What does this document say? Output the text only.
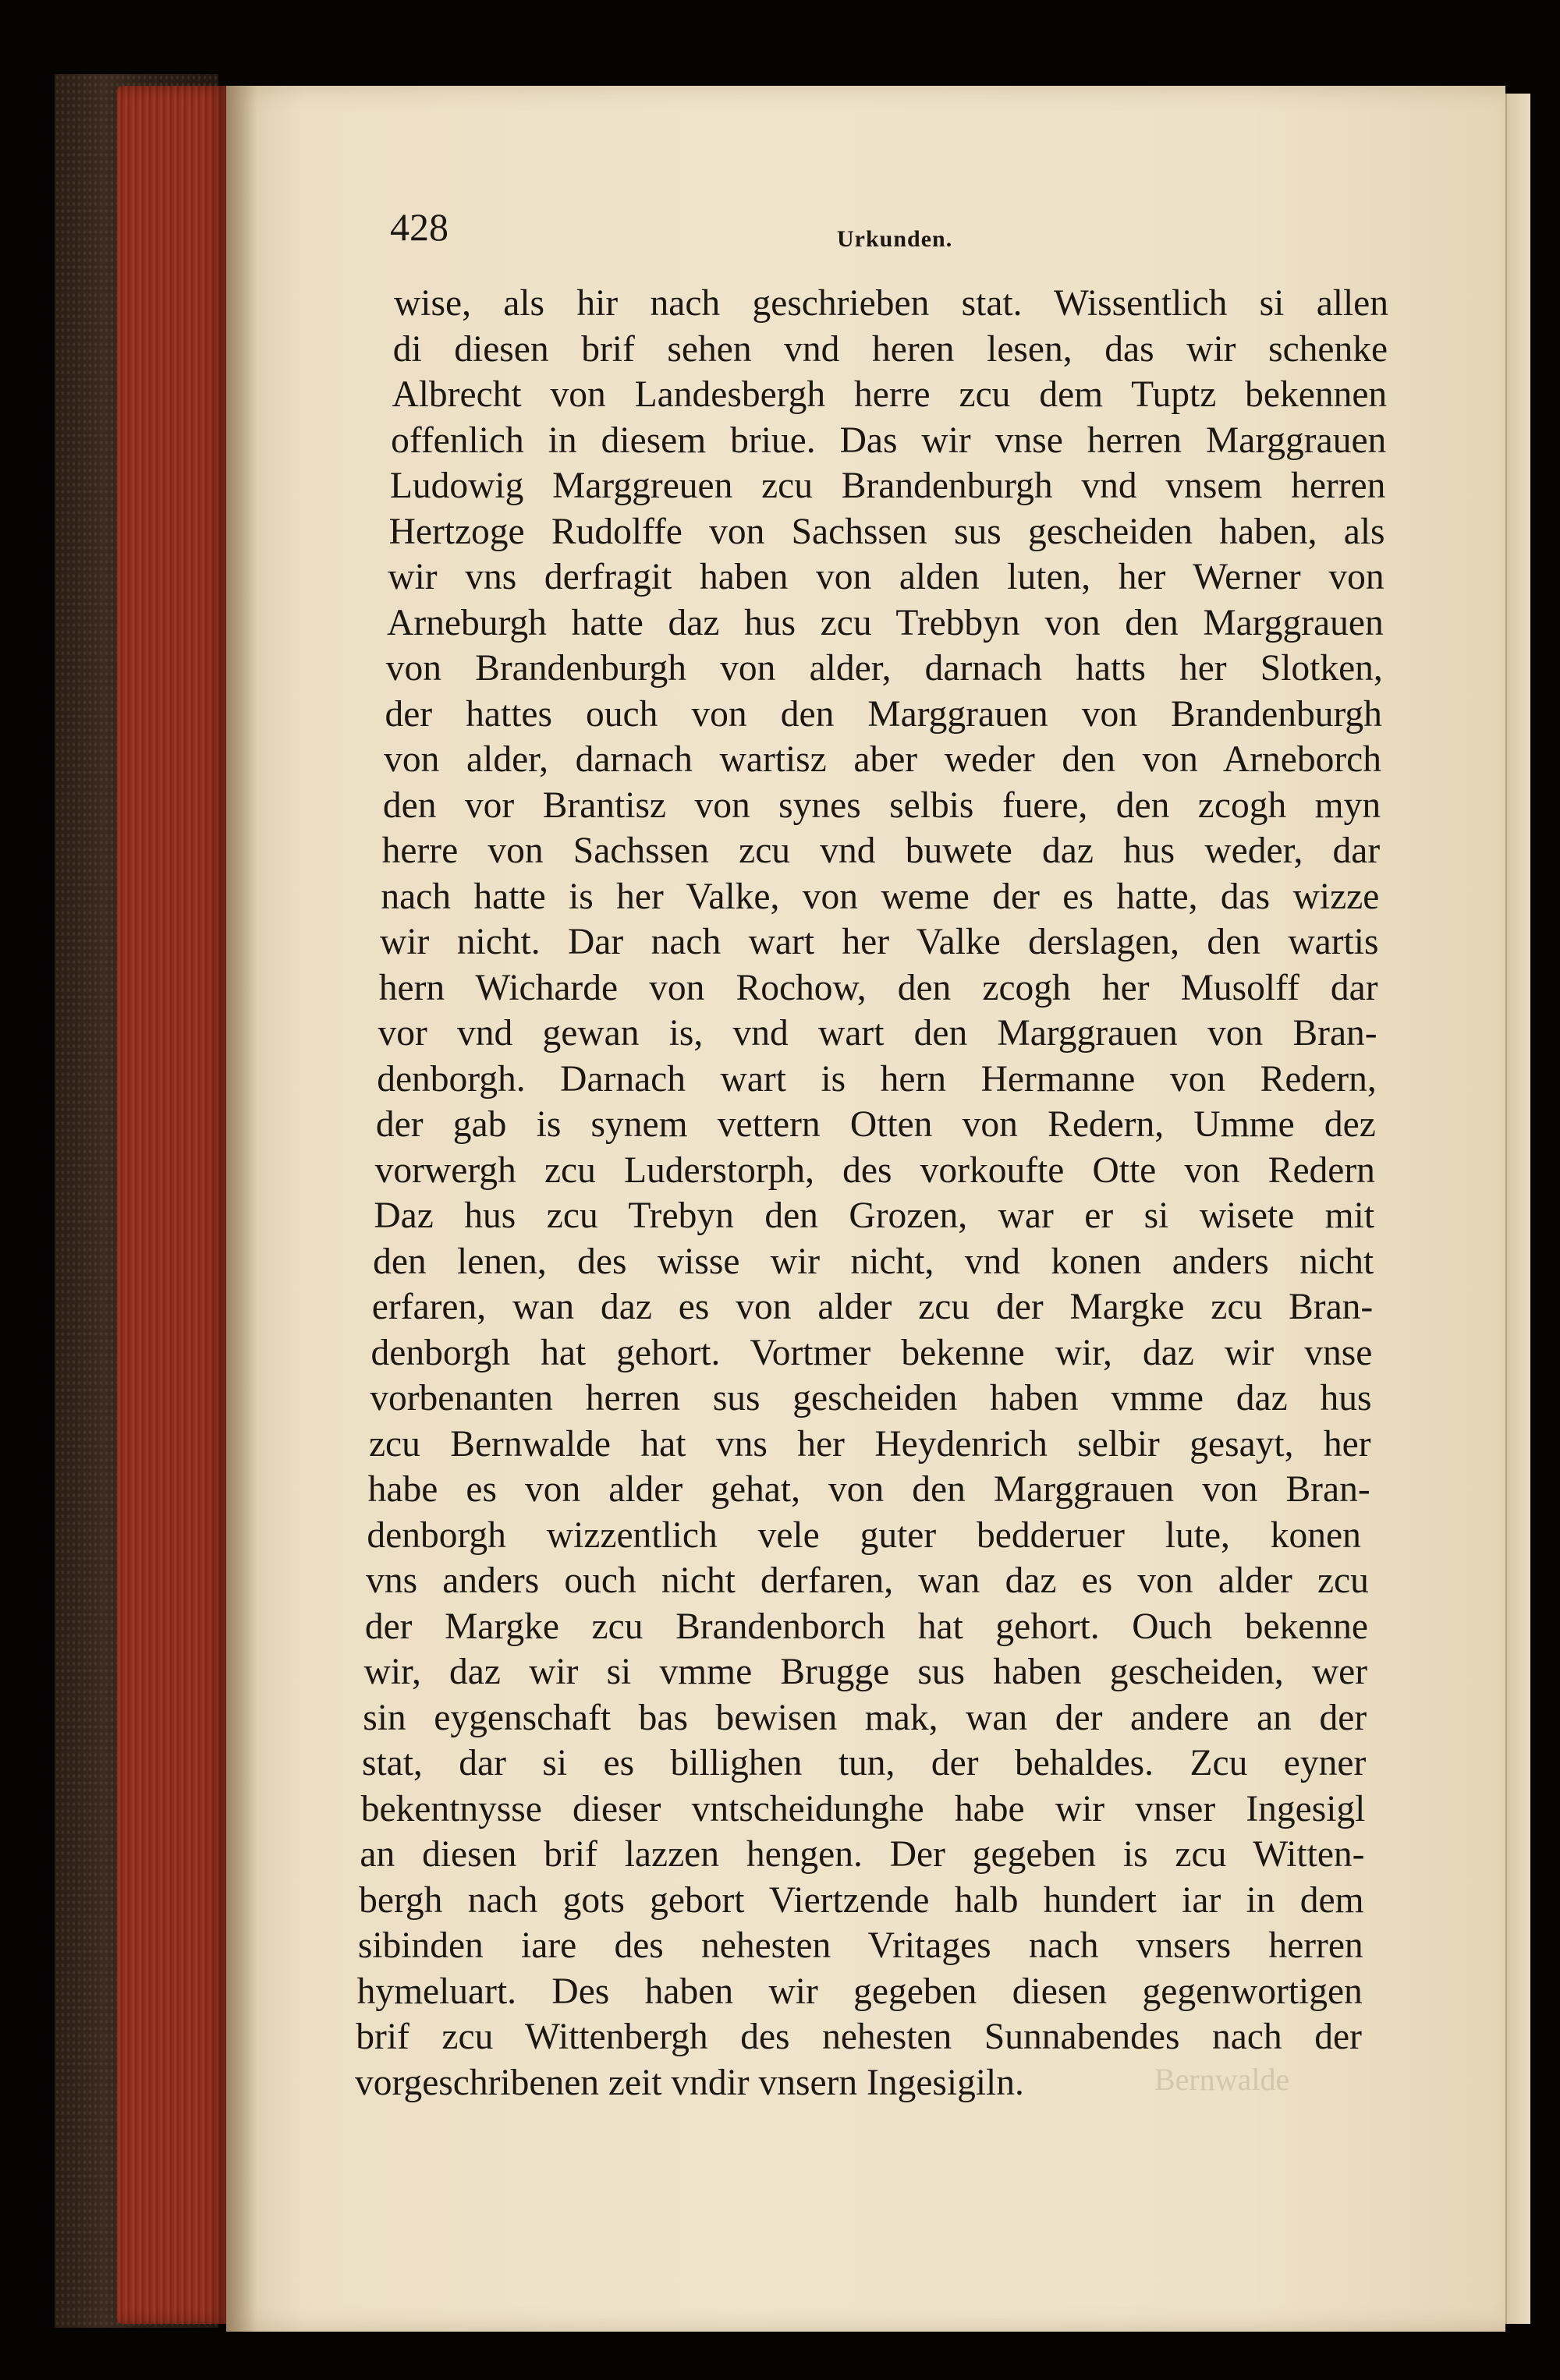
428	Urkunden.
wise, als hir nach geschrieben stat. Wissentlich si allen
di diesen brif sehen vnd heren lesen, das wir schenke
Albrecht von Landesbergh herre zcu dem Tuptz bekennen
offenlich in diesem briue. Das wir vnse herren Marggrauen
Ludowig Marggreuen zcu Brandenburgh vnd vnsem herren
Hertzoge Rudolffe von Sachssen sus gescheiden haben, als
wir vns derfragit haben von alden luten, her Werner von
Arneburgh hatte daz hus zcu Trebbyn von den Marggrauen
von Brandenburgh von alder, darnach hatts her Slotken,
der hattes ouch von den Marggrauen von Brandenburgh
von alder, darnach wartisz aber weder den von Arneborch
den vor Brantisz von synes selbis fuere, den zcogh myn
herre von Sachssen zcu vnd buwete daz hus weder, dar
nach hatte is her Valke, von weme der es hatte, das wizze
wir nicht. Dar nach wart her Valke derslagen, den wartis
hern Wicharde von Rochow, den zcogh her Musolff dar
vor vnd gewan is, vnd wart den Marggrauen von Bran-
denborgh. Darnach wart is hern Hermanne von Redern,
der gab is synem vettern Otten von Redern, Umme dez
vorwergh zcu Luderstorph, des vorkoufte Otte von Redern
Daz hus zcu Trebyn den Grozen, war er si wisete mit
den lenen, des wisse wir nicht, vnd konen anders nicht
erfaren, wan daz es von alder zcu der Margke zcu Bran-
denborgh hat gehort. Vortmer bekenne wir, daz wir vnse
vorbenanten herren sus gescheiden haben vmme daz hus
zcu Bernwalde hat vns her Heydenrich selbir gesayt, her
habe es von alder gehat, von den Marggrauen von Bran-
denborgh wizzentlich vele guter bedderuer lute, konen
vns anders ouch nicht derfaren, wan daz es von alder zcu
der Margke zcu Brandenborch hat gehort. Ouch bekenne
wir, daz wir si vmme Brugge sus haben gescheiden, wer
sin eygenschaft bas bewisen mak, wan der andere an der
stat, dar si es billighen tun, der behaldes. Zcu eyner
bekentnysse dieser vntscheidunghe habe wir vnser Ingesigl
an diesen brif lazzen hengen. Der gegeben is zcu Witten-
bergh nach gots gebort Viertzende halb hundert iar in dem
sibinden iare des nehesten Vritages nach vnsers herren
hymeluart. Des haben wir gegeben diesen gegenwortigen
brif zcu Wittenbergh des nehesten Sunnabendes nach der
vorgeschribenen zeit vndir vnsern Ingesigiln.	Bernwalde
